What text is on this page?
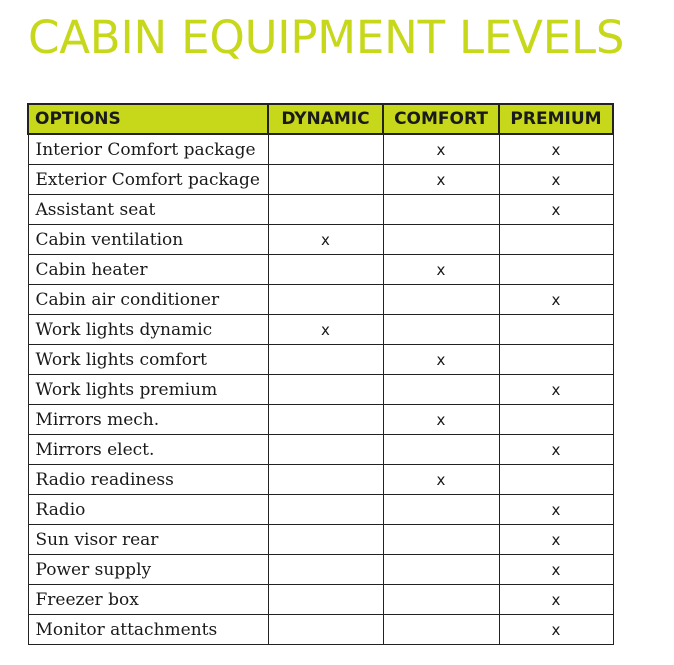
CABIN EQUIPMENT LEVELS
OPTIONS	DYNAMIC	COMFORT	PREMIUM
Interior Comfort package		x	x
Exterior Comfort package		x	x
Assistant seat			x
Cabin ventilation	x		
Cabin heater		x	
Cabin air conditioner			x
Work lights dynamic	x		
Work lights comfort		x	
Work lights premium			x
Mirrors mech.		x	
Mirrors elect.			x
Radio readiness		x	
Radio			x
Sun visor rear			x
Power supply			x
Freezer box			x
Monitor attachments			x
